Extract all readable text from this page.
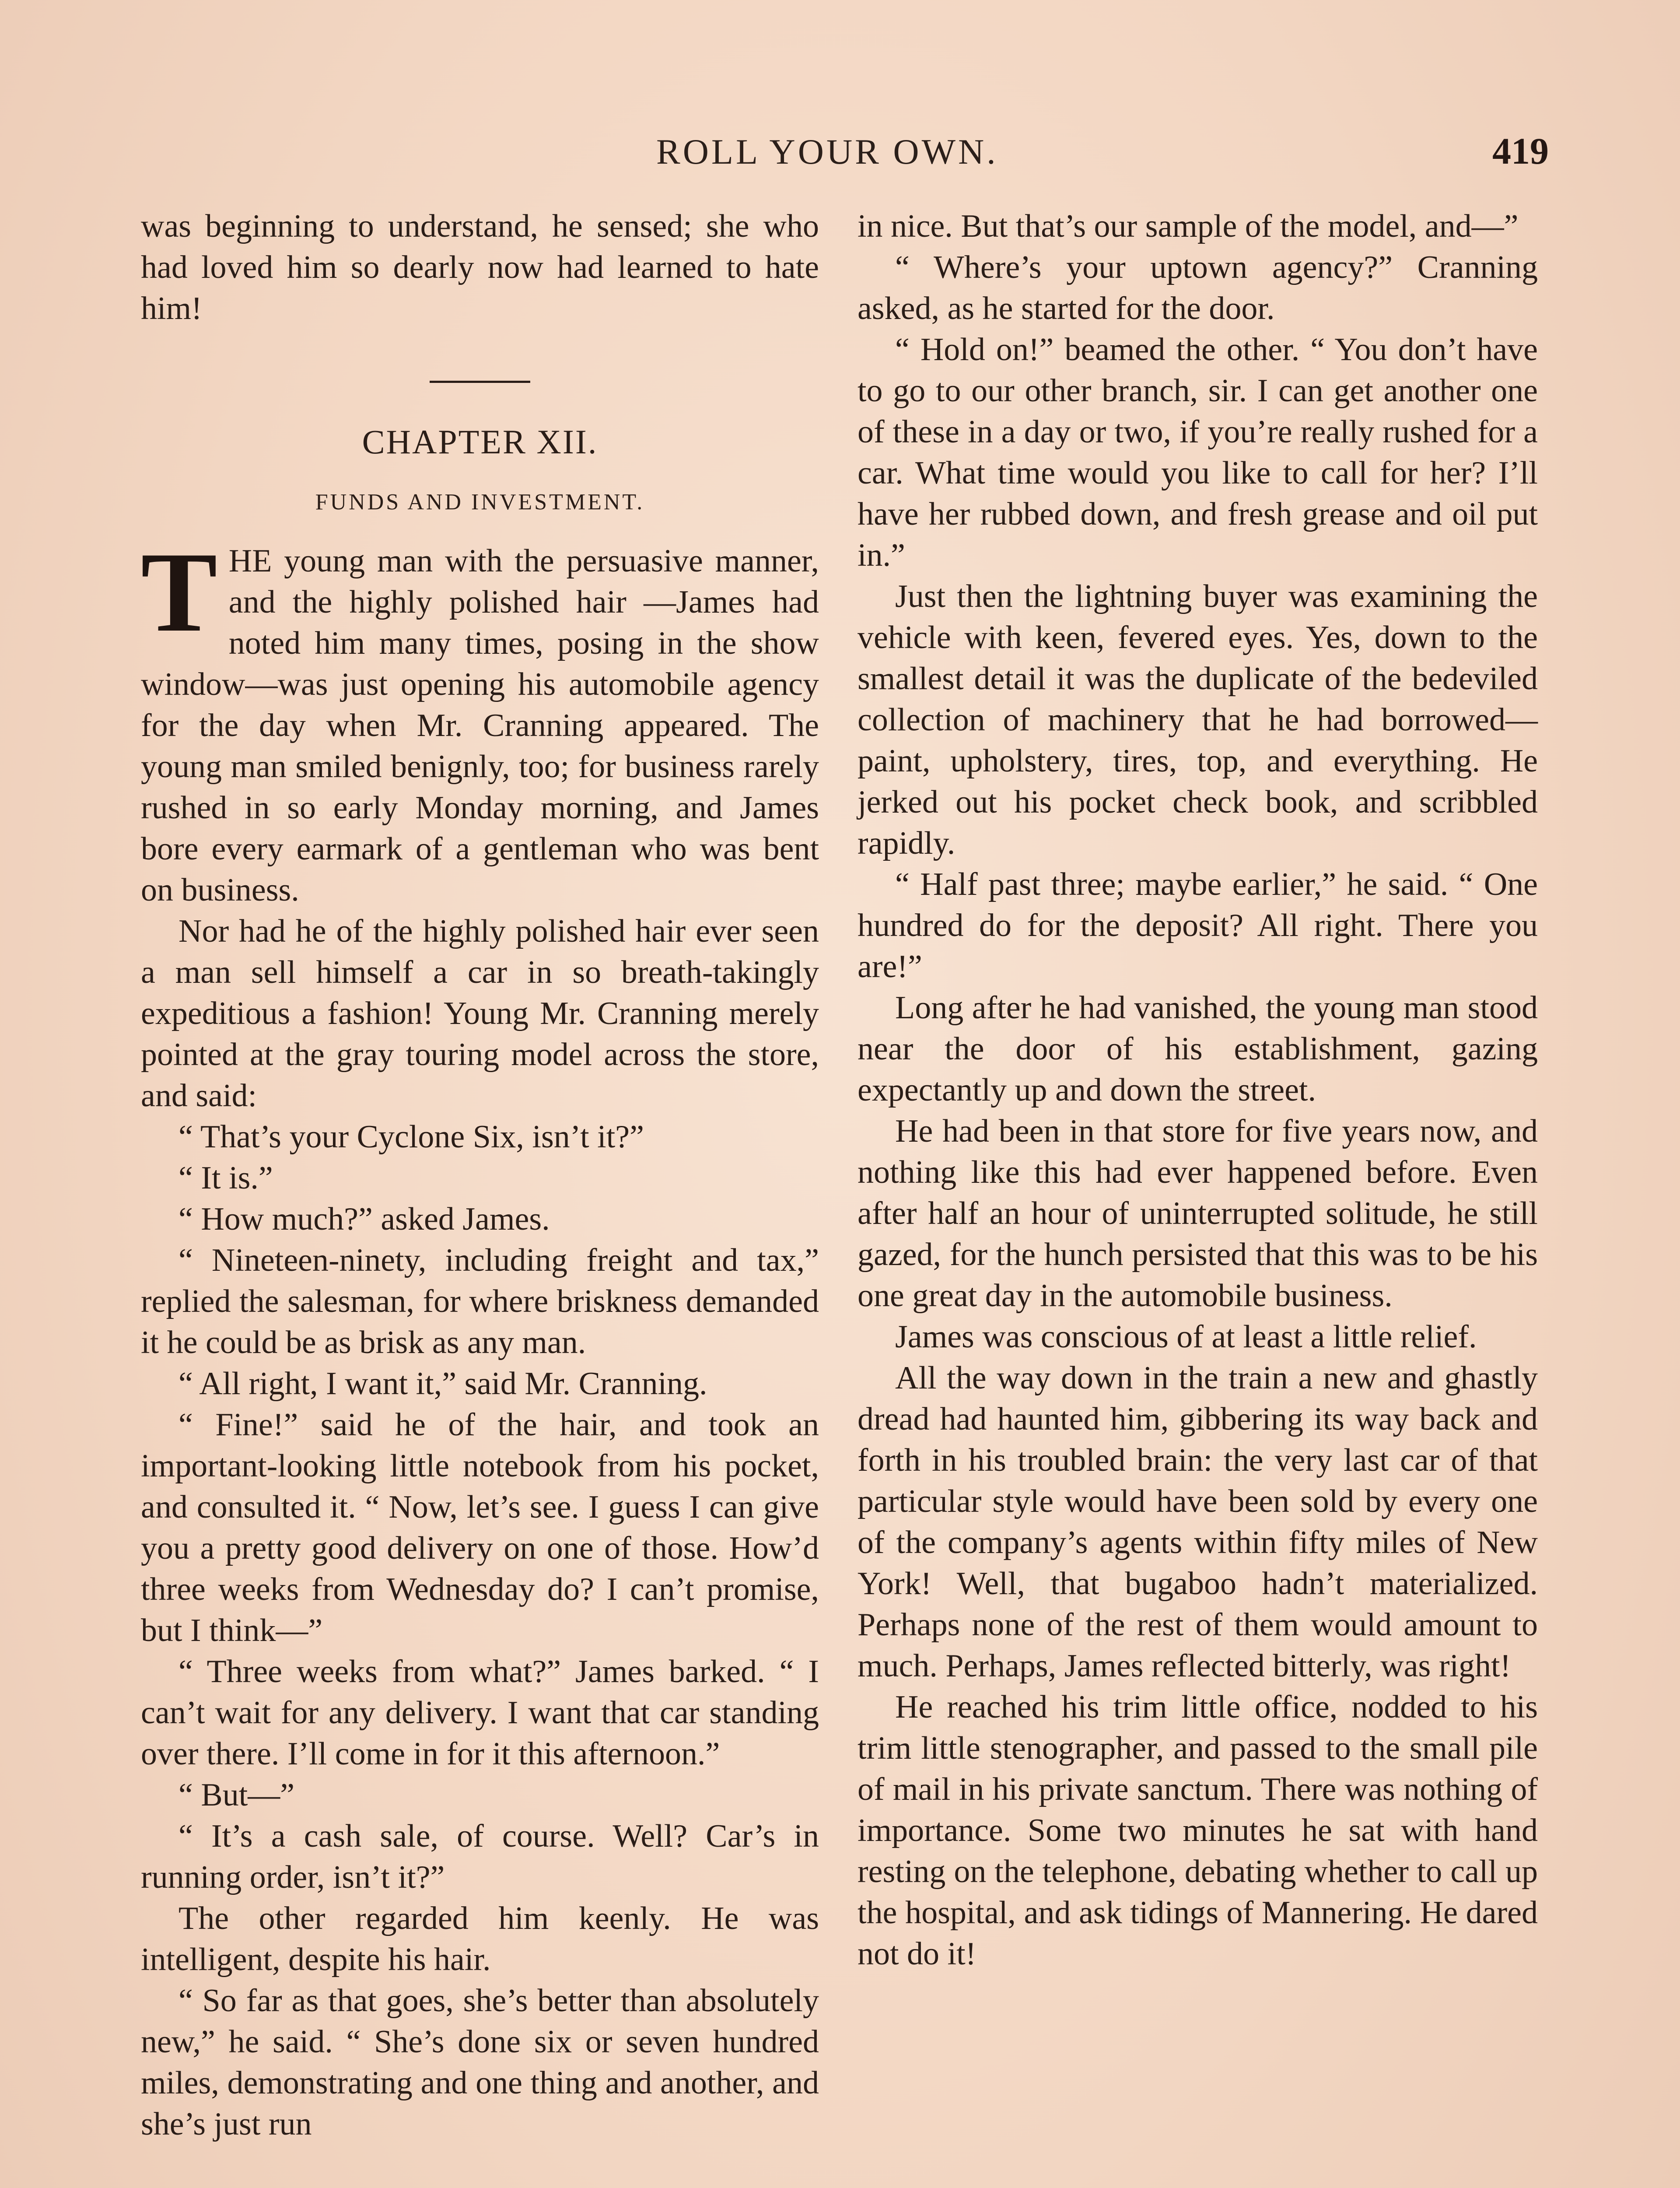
ROLL YOUR OWN.	419

was beginning to understand, he sensed; she who had loved him so dearly now had learned to hate him!

CHAPTER XII.
FUNDS AND INVESTMENT.

THE young man with the persuasive manner, and the highly polished hair —James had noted him many times, posing in the show window—was just opening his automobile agency for the day when Mr. Cranning appeared. The young man smiled benignly, too; for business rarely rushed in so early Monday morning, and James bore every earmark of a gentleman who was bent on business.

Nor had he of the highly polished hair ever seen a man sell himself a car in so breath-takingly expeditious a fashion! Young Mr. Cranning merely pointed at the gray touring model across the store, and said:

“ That’s your Cyclone Six, isn’t it?”

“ It is.”

“ How much?” asked James.

“ Nineteen-ninety, including freight and tax,” replied the salesman, for where briskness demanded it he could be as brisk as any man.

“ All right, I want it,” said Mr. Cranning.

“ Fine!” said he of the hair, and took an important-looking little notebook from his pocket, and consulted it. “ Now, let’s see. I guess I can give you a pretty good delivery on one of those. How’d three weeks from Wednesday do? I can’t promise, but I think—”

“ Three weeks from what?” James barked. “ I can’t wait for any delivery. I want that car standing over there. I’ll come in for it this afternoon.”

“ But—”

“ It’s a cash sale, of course. Well? Car’s in running order, isn’t it?”

The other regarded him keenly. He was intelligent, despite his hair.

“ So far as that goes, she’s better than absolutely new,” he said. “ She’s done six or seven hundred miles, demonstrating and one thing and another, and she’s just run

in nice. But that’s our sample of the model, and—”

“ Where’s your uptown agency?” Cranning asked, as he started for the door.

“ Hold on!” beamed the other. “ You don’t have to go to our other branch, sir. I can get another one of these in a day or two, if you’re really rushed for a car. What time would you like to call for her? I’ll have her rubbed down, and fresh grease and oil put in.”

Just then the lightning buyer was examining the vehicle with keen, fevered eyes. Yes, down to the smallest detail it was the duplicate of the bedeviled collection of machinery that he had borrowed— paint, upholstery, tires, top, and everything. He jerked out his pocket check book, and scribbled rapidly.

“ Half past three; maybe earlier,” he said. “ One hundred do for the deposit? All right. There you are!”

Long after he had vanished, the young man stood near the door of his establishment, gazing expectantly up and down the street.

He had been in that store for five years now, and nothing like this had ever happened before. Even after half an hour of uninterrupted solitude, he still gazed, for the hunch persisted that this was to be his one great day in the automobile business.

James was conscious of at least a little relief.

All the way down in the train a new and ghastly dread had haunted him, gibbering its way back and forth in his troubled brain: the very last car of that particular style would have been sold by every one of the company’s agents within fifty miles of New York! Well, that bugaboo hadn’t materialized. Perhaps none of the rest of them would amount to much. Perhaps, James reflected bitterly, was right!

He reached his trim little office, nodded to his trim little stenographer, and passed to the small pile of mail in his private sanctum. There was nothing of importance. Some two minutes he sat with hand resting on the telephone, debating whether to call up the hospital, and ask tidings of Mannering. He dared not do it!
